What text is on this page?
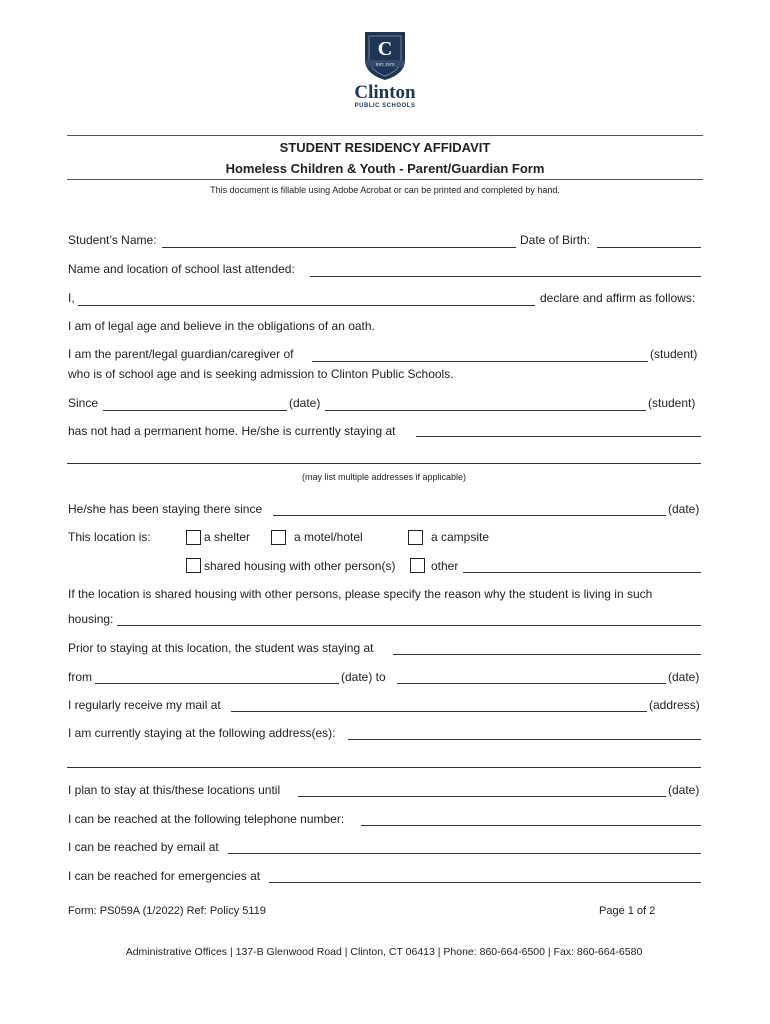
C
EST. 1973
Clinton
PUBLIC SCHOOLS
STUDENT RESIDENCY AFFIDAVIT
Homeless Children & Youth - Parent/Guardian Form
This document is fillable using Adobe Acrobat or can be printed and completed by hand.
Student’s Name:	Date of Birth:
Name and location of school last attended:
I,	declare and affirm as follows:
I am of legal age and believe in the obligations of an oath.
I am the parent/legal guardian/caregiver of	(student)
who is of school age and is seeking admission to Clinton Public Schools.
Since	(date)	(student)
has not had a permanent home. He/she is currently staying at
(may list multiple addresses if applicable)
He/she has been staying there since	(date)
This location is:	a shelter	a motel/hotel	a campsite
shared housing with other person(s)	other
If the location is shared housing with other persons, please specify the reason why the student is living in such
housing:
Prior to staying at this location, the student was staying at
from	(date) to	(date)
I regularly receive my mail at	(address)
I am currently staying at the following address(es):
I plan to stay at this/these locations until	(date)
I can be reached at the following telephone number:
I can be reached by email at
I can be reached for emergencies at
Form: PS059A (1/2022) Ref: Policy 5119	Page 1 of 2
Administrative Offices | 137-B Glenwood Road | Clinton, CT 06413 | Phone: 860-664-6500 | Fax: 860-664-6580
